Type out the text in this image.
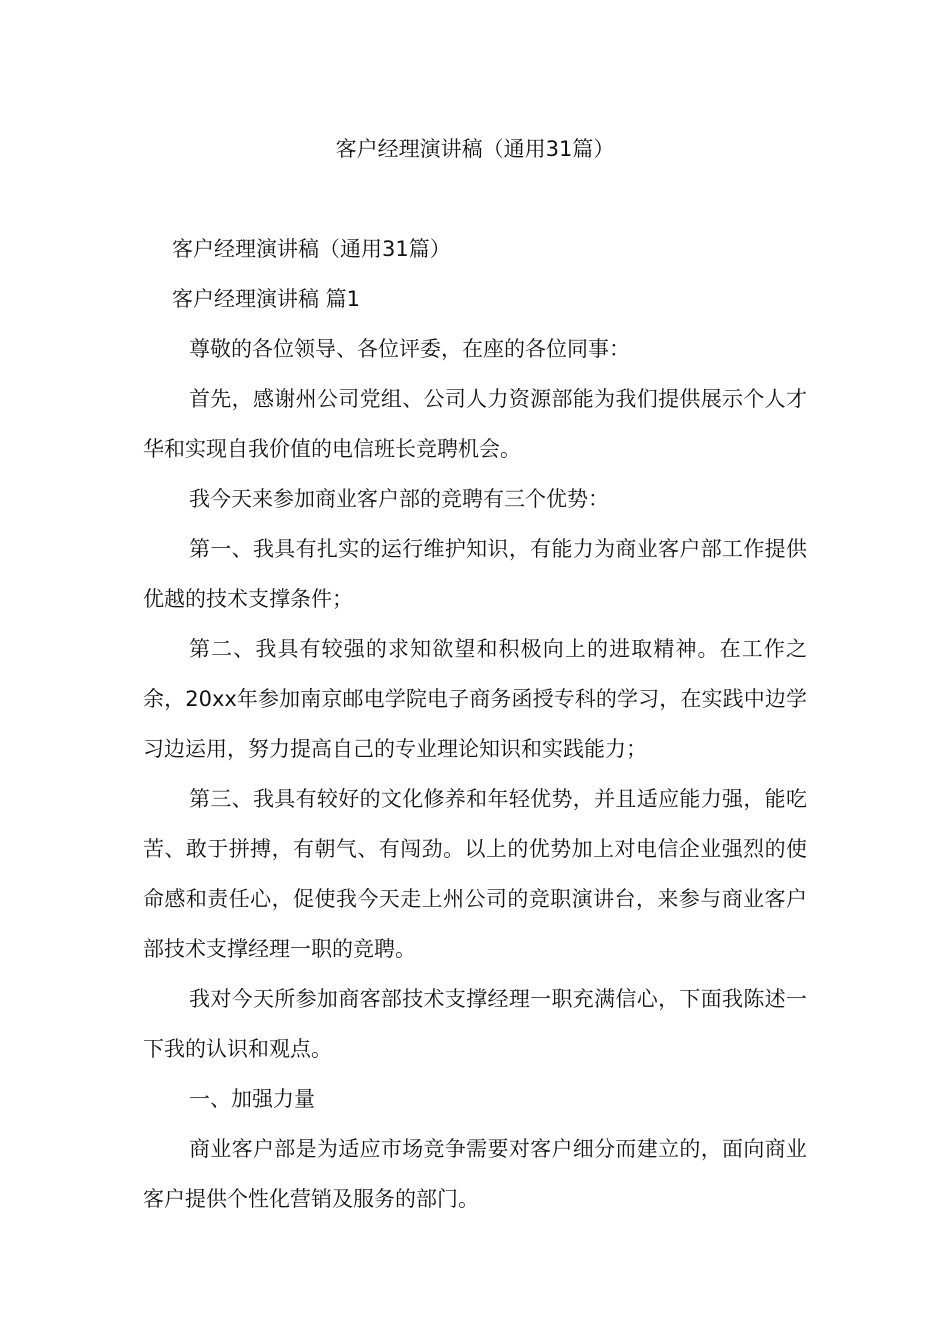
客户经理演讲稿（通用31篇）

客户经理演讲稿（通用31篇）

客户经理演讲稿 篇1

尊敬的各位领导、各位评委，在座的各位同事：

首先，感谢州公司党组、公司人力资源部能为我们提供展示个人才华和实现自我价值的电信班长竞聘机会。

我今天来参加商业客户部的竞聘有三个优势：

第一、我具有扎实的运行维护知识，有能力为商业客户部工作提供优越的技术支撑条件；

第二、我具有较强的求知欲望和积极向上的进取精神。在工作之余，20xx年参加南京邮电学院电子商务函授专科的学习，在实践中边学习边运用，努力提高自己的专业理论知识和实践能力；

第三、我具有较好的文化修养和年轻优势，并且适应能力强，能吃苦、敢于拼搏，有朝气、有闯劲。以上的优势加上对电信企业强烈的使命感和责任心，促使我今天走上州公司的竞职演讲台，来参与商业客户部技术支撑经理一职的竞聘。

我对今天所参加商客部技术支撑经理一职充满信心，下面我陈述一下我的认识和观点。

一、加强力量

商业客户部是为适应市场竞争需要对客户细分而建立的，面向商业客户提供个性化营销及服务的部门。
